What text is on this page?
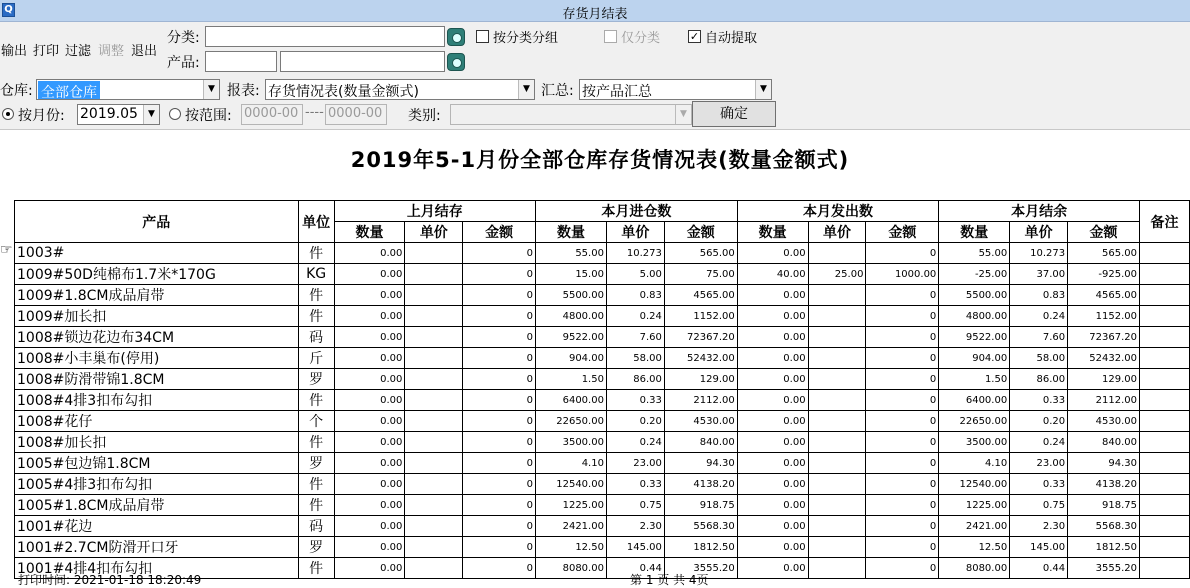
Q	存货月结表
输出 打印 过滤 调整 退出
分类:
产品:
按分类分组	仅分类	✓ 自动提取
仓库: 全部仓库	▼ 报表: 存货情况表(数量金额式)	▼ 汇总: 按产品汇总	▼
按月份: 2019.05	▼ 按范围: 0000-00 ---- 0000-00	类别:	▼	确定
2019年5-1月份全部仓库存货情况表(数量金额式)
☞
产品	单位	上月结存			本月进仓数			本月发出数			本月结余			备注
		数量	单价	金额	数量	单价	金额	数量	单价	金额	数量	单价	金额	
1003#	件	0.00		0	55.00	10.273	565.00	0.00		0	55.00	10.273	565.00	
1009#50D纯棉布1.7米*170G	KG	0.00		0	15.00	5.00	75.00	40.00	25.00	1000.00	-25.00	37.00	-925.00	
1009#1.8CM成品肩带	件	0.00		0	5500.00	0.83	4565.00	0.00		0	5500.00	0.83	4565.00	
1009#加长扣	件	0.00		0	4800.00	0.24	1152.00	0.00		0	4800.00	0.24	1152.00	
1008#锁边花边布34CM	码	0.00		0	9522.00	7.60	72367.20	0.00		0	9522.00	7.60	72367.20	
1008#小丰巢布(停用)	斤	0.00		0	904.00	58.00	52432.00	0.00		0	904.00	58.00	52432.00	
1008#防滑带锦1.8CM	罗	0.00		0	1.50	86.00	129.00	0.00		0	1.50	86.00	129.00	
1008#4排3扣布勾扣	件	0.00		0	6400.00	0.33	2112.00	0.00		0	6400.00	0.33	2112.00	
1008#花仔	个	0.00		0	22650.00	0.20	4530.00	0.00		0	22650.00	0.20	4530.00	
1008#加长扣	件	0.00		0	3500.00	0.24	840.00	0.00		0	3500.00	0.24	840.00	
1005#包边锦1.8CM	罗	0.00		0	4.10	23.00	94.30	0.00		0	4.10	23.00	94.30	
1005#4排3扣布勾扣	件	0.00		0	12540.00	0.33	4138.20	0.00		0	12540.00	0.33	4138.20	
1005#1.8CM成品肩带	件	0.00		0	1225.00	0.75	918.75	0.00		0	1225.00	0.75	918.75	
1001#花边	码	0.00		0	2421.00	2.30	5568.30	0.00		0	2421.00	2.30	5568.30	
1001#2.7CM防滑开口牙	罗	0.00		0	12.50	145.00	1812.50	0.00		0	12.50	145.00	1812.50	
1001#4排4扣布勾扣	件	0.00		0	8080.00	0.44	3555.20	0.00		0	8080.00	0.44	3555.20	
打印时间: 2021-01-18 18:20:49	第 1 页 共 4页
